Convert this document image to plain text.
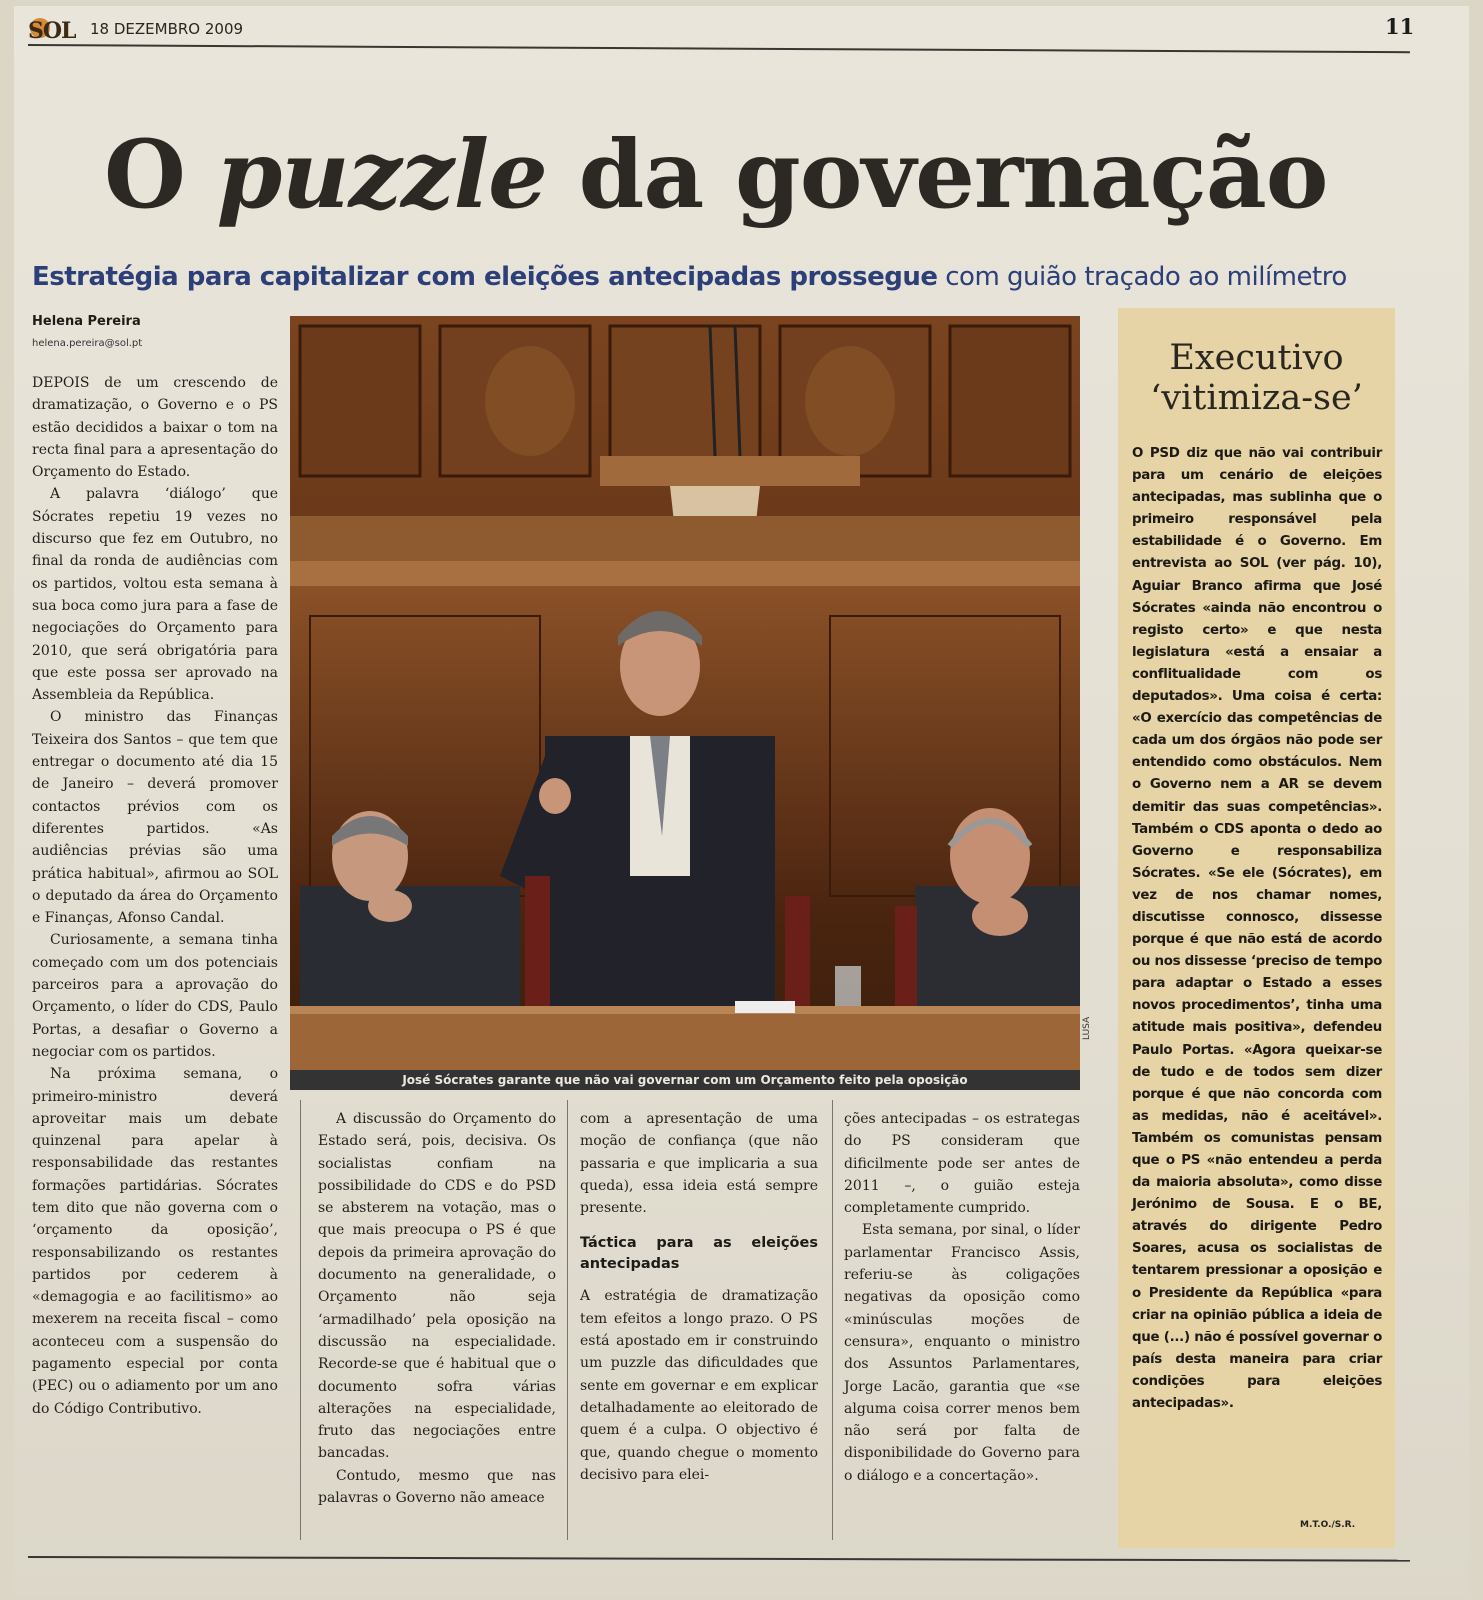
SOL 18 DEZEMBRO 2009	11
O puzzle da governação
Estratégia para capitalizar com eleições antecipadas prossegue com guião traçado ao milímetro
Helena Pereira
helena.pereira@sol.pt

DEPOIS de um crescendo de dramatização, o Governo e o PS estão decididos a baixar o tom na recta final para a apresentação do Orçamento do Estado.

A palavra ‘diálogo’ que Sócrates repetiu 19 vezes no discurso que fez em Outubro, no final da ronda de audiências com os partidos, voltou esta semana à sua boca como jura para a fase de negociações do Orçamento para 2010, que será obrigatória para que este possa ser aprovado na Assembleia da República.

O ministro das Finanças Teixeira dos Santos – que tem que entregar o documento até dia 15 de Janeiro – deverá promover contactos prévios com os diferentes partidos. «As audiências prévias são uma prática habitual», afirmou ao SOL o deputado da área do Orçamento e Finanças, Afonso Candal.

Curiosamente, a semana tinha começado com um dos potenciais parceiros para a aprovação do Orçamento, o líder do CDS, Paulo Portas, a desafiar o Governo a negociar com os partidos.

Na próxima semana, o primeiro-ministro deverá aproveitar mais um debate quinzenal para apelar à responsabilidade das restantes formações partidárias. Sócrates tem dito que não governa com o ‘orçamento da oposição’, responsabilizando os restantes partidos por cederem à «demagogia e ao facilitismo» ao mexerem na receita fiscal – como aconteceu com a suspensão do pagamento especial por conta (PEC) ou o adiamento por um ano do Código Contributivo.

José Sócrates garante que não vai governar com um Orçamento feito pela oposição
LUSA

A discussão do Orçamento do Estado será, pois, decisiva. Os socialistas confiam na possibilidade do CDS e do PSD se absterem na votação, mas o que mais preocupa o PS é que depois da primeira aprovação do documento na generalidade, o Orçamento não seja ‘armadilhado’ pela oposição na discussão na especialidade. Recorde-se que é habitual que o documento sofra várias alterações na especialidade, fruto das negociações entre bancadas.

Contudo, mesmo que nas palavras o Governo não ameace

com a apresentação de uma moção de confiança (que não passaria e que implicaria a sua queda), essa ideia está sempre presente.

Táctica para as eleições antecipadas

A estratégia de dramatização tem efeitos a longo prazo. O PS está apostado em ir construindo um puzzle das dificuldades que sente em governar e em explicar detalhadamente ao eleitorado de quem é a culpa. O objectivo é que, quando chegue o momento decisivo para elei-

ções antecipadas – os estrategas do PS consideram que dificilmente pode ser antes de 2011 –, o guião esteja completamente cumprido.

Esta semana, por sinal, o líder parlamentar Francisco Assis, referiu-se às coligações negativas da oposição como «minúsculas moções de censura», enquanto o ministro dos Assuntos Parlamentares, Jorge Lacão, garantia que «se alguma coisa correr menos bem não será por falta de disponibilidade do Governo para o diálogo e a concertação».

Executivo
‘vitimiza-se’
O PSD diz que não vai contribuir para um cenário de eleições antecipadas, mas sublinha que o primeiro responsável pela estabilidade é o Governo. Em entrevista ao SOL (ver pág. 10), Aguiar Branco afirma que José Sócrates «ainda não encontrou o registo certo» e que nesta legislatura «está a ensaiar a conflitualidade com os deputados». Uma coisa é certa: «O exercício das competências de cada um dos órgãos não pode ser entendido como obstáculos. Nem o Governo nem a AR se devem demitir das suas competências». Também o CDS aponta o dedo ao Governo e responsabiliza Sócrates. «Se ele (Sócrates), em vez de nos chamar nomes, discutisse connosco, dissesse porque é que não está de acordo ou nos dissesse ‘preciso de tempo para adaptar o Estado a esses novos procedimentos’, tinha uma atitude mais positiva», defendeu Paulo Portas. «Agora queixar-se de tudo e de todos sem dizer porque é que não concorda com as medidas, não é aceitável». Também os comunistas pensam que o PS «não entendeu a perda da maioria absoluta», como disse Jerónimo de Sousa. E o BE, através do dirigente Pedro Soares, acusa os socialistas de tentarem pressionar a oposição e o Presidente da República «para criar na opinião pública a ideia de que (...) não é possível governar o país desta maneira para criar condições para eleições antecipadas».
M.T.O./S.R.
